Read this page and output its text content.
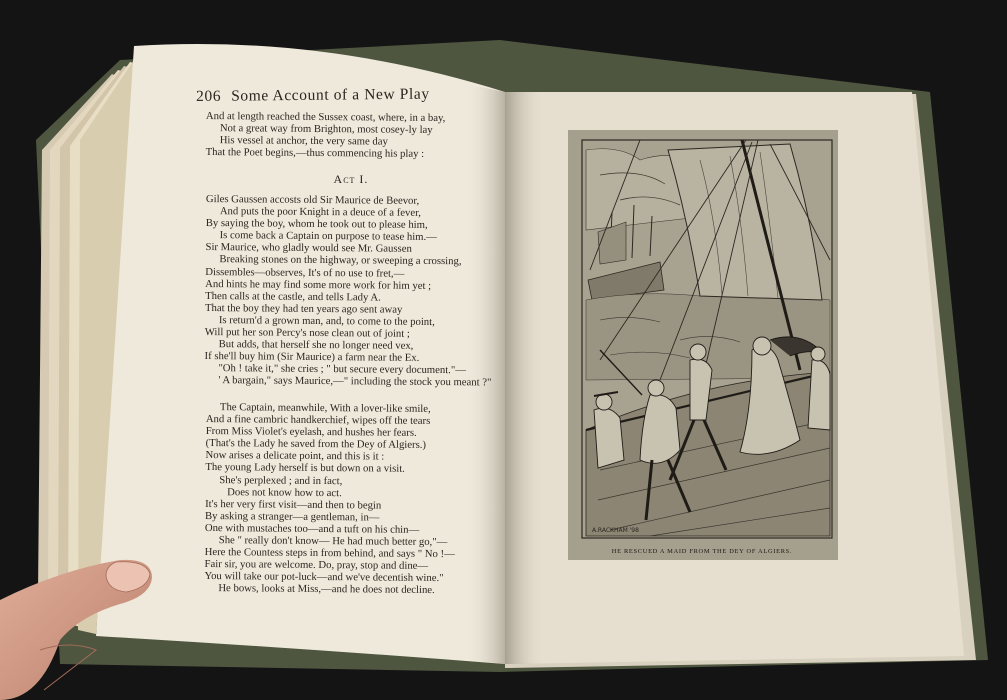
A.RACKHAM '98
206 Some Account of a New Play
And at length reached the Sussex coast, where, in a bay,
Not a great way from Brighton, most cosey-ly lay
His vessel at anchor, the very same day
That the Poet begins,—thus commencing his play :
Act I.
Giles Gaussen accosts old Sir Maurice de Beevor,
And puts the poor Knight in a deuce of a fever,
By saying the boy, whom he took out to please him,
Is come back a Captain on purpose to tease him.—
Sir Maurice, who gladly would see Mr. Gaussen
Breaking stones on the highway, or sweeping a crossing,
Dissembles—observes, It's of no use to fret,—
And hints he may find some more work for him yet ;
Then calls at the castle, and tells Lady A.
That the boy they had ten years ago sent away
Is return'd a grown man, and, to come to the point,
Will put her son Percy's nose clean out of joint ;
But adds, that herself she no longer need vex,
If she'll buy him (Sir Maurice) a farm near the Ex.
"Oh ! take it," she cries ; " but secure every document."—
' A bargain," says Maurice,—" including the stock you meant ?"
The Captain, meanwhile, With a lover-like smile,
And a fine cambric handkerchief, wipes off the tears
From Miss Violet's eyelash, and hushes her fears.
(That's the Lady he saved from the Dey of Algiers.)
Now arises a delicate point, and this is it :
The young Lady herself is but down on a visit.
She's perplexed ; and in fact,
Does not know how to act.
It's her very first visit—and then to begin
By asking a stranger—a gentleman, in—
One with mustaches too—and a tuft on his chin—
She " really don't know— He had much better go,"—
Here the Countess steps in from behind, and says " No !—
Fair sir, you are welcome. Do, pray, stop and dine—
You will take our pot-luck—and we've decentish wine."
He bows, looks at Miss,—and he does not decline.
HE RESCUED A MAID FROM THE DEY OF ALGIERS.
